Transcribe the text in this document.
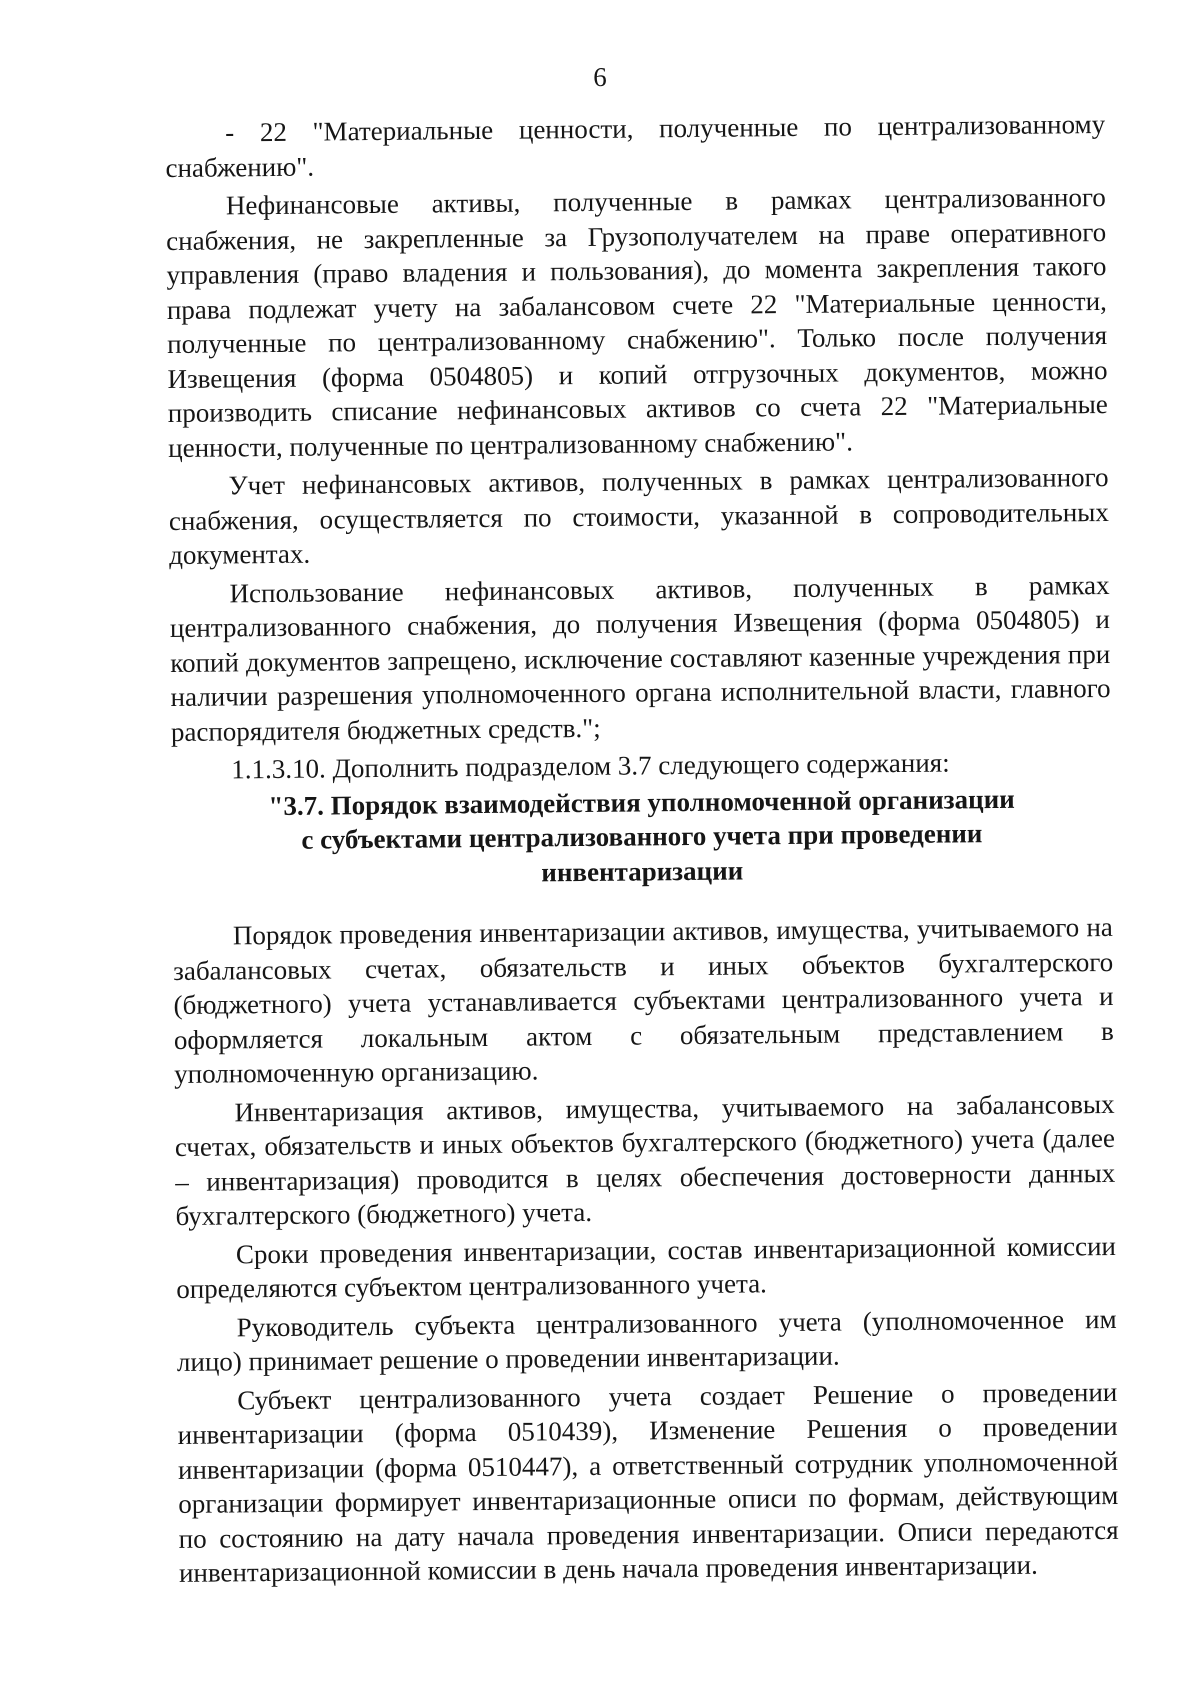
6

- 22 "Материальные ценности, полученные по централизованному снабжению".

Нефинансовые активы, полученные в рамках централизованного снабжения, не закрепленные за Грузополучателем на праве оперативного управления (право владения и пользования), до момента закрепления такого права подлежат учету на забалансовом счете 22 "Материальные ценности, полученные по централизованному снабжению". Только после получения Извещения (форма 0504805) и копий отгрузочных документов, можно производить списание нефинансовых активов со счета 22 "Материальные ценности, полученные по централизованному снабжению".

Учет нефинансовых активов, полученных в рамках централизованного снабжения, осуществляется по стоимости, указанной в сопроводительных документах.

Использование нефинансовых активов, полученных в рамках централизованного снабжения, до получения Извещения (форма 0504805) и копий документов запрещено, исключение составляют казенные учреждения при наличии разрешения уполномоченного органа исполнительной власти, главного распорядителя бюджетных средств.";

1.1.3.10. Дополнить подразделом 3.7 следующего содержания:

"3.7. Порядок взаимодействия уполномоченной организации
с субъектами централизованного учета при проведении
инвентаризации

Порядок проведения инвентаризации активов, имущества, учитываемого на забалансовых счетах, обязательств и иных объектов бухгалтерского (бюджетного) учета устанавливается субъектами централизованного учета и оформляется локальным актом с обязательным представлением в уполномоченную организацию.

Инвентаризация активов, имущества, учитываемого на забалансовых счетах, обязательств и иных объектов бухгалтерского (бюджетного) учета (далее – инвентаризация) проводится в целях обеспечения достоверности данных бухгалтерского (бюджетного) учета.

Сроки проведения инвентаризации, состав инвентаризационной комиссии определяются субъектом централизованного учета.

Руководитель субъекта централизованного учета (уполномоченное им лицо) принимает решение о проведении инвентаризации.

Субъект централизованного учета создает Решение о проведении инвентаризации (форма 0510439), Изменение Решения о проведении инвентаризации (форма 0510447), а ответственный сотрудник уполномоченной организации формирует инвентаризационные описи по формам, действующим по состоянию на дату начала проведения инвентаризации. Описи передаются инвентаризационной комиссии в день начала проведения инвентаризации.
